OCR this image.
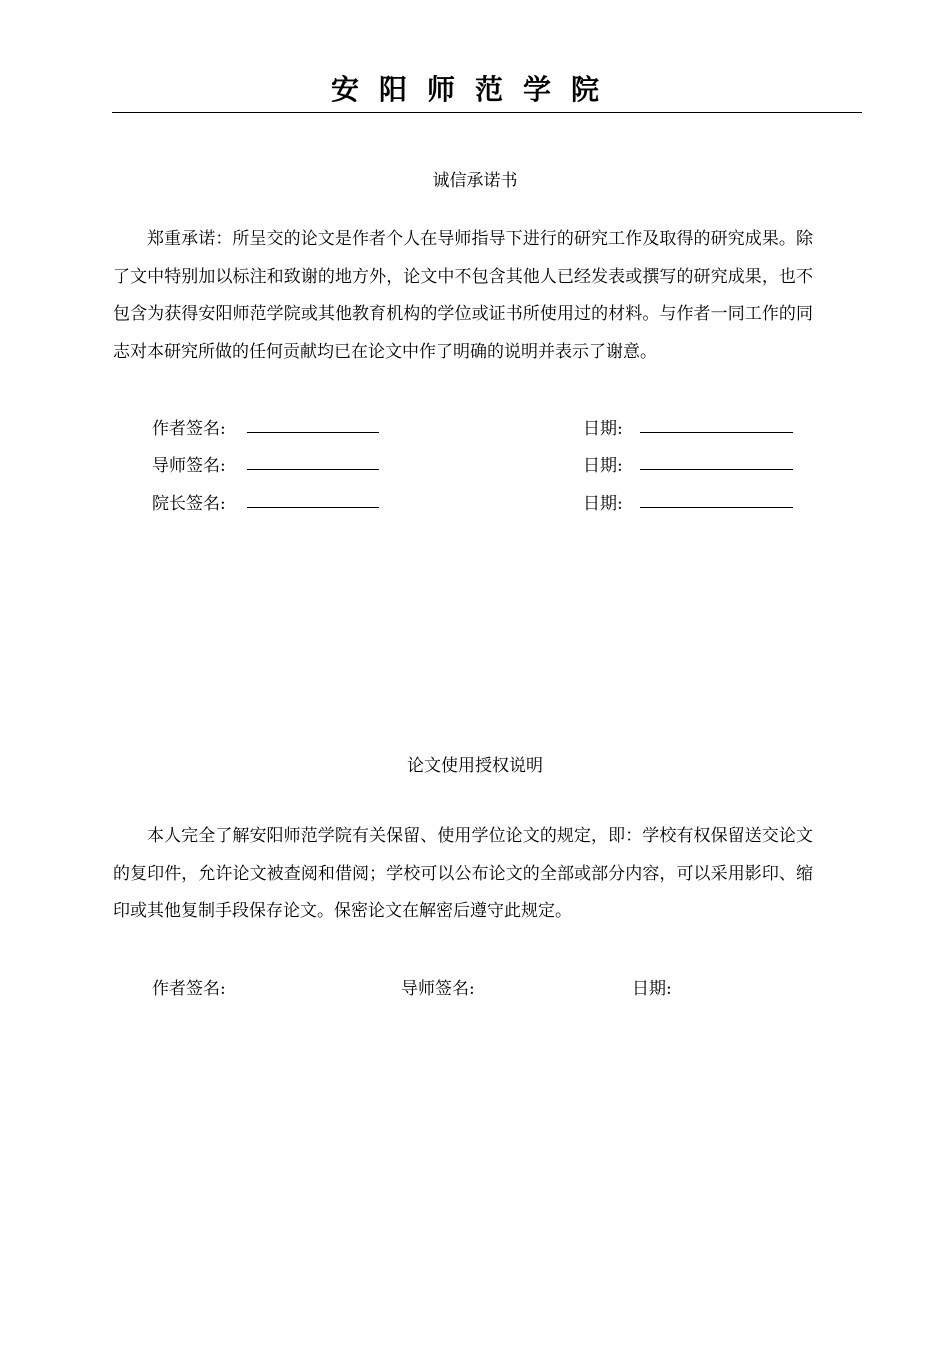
安阳师范学院
诚信承诺书

郑重承诺：所呈交的论文是作者个人在导师指导下进行的研究工作及取得的研究成果。除了文中特别加以标注和致谢的地方外，论文中不包含其他人已经发表或撰写的研究成果，也不包含为获得安阳师范学院或其他教育机构的学位或证书所使用过的材料。与作者一同工作的同志对本研究所做的任何贡献均已在论文中作了明确的说明并表示了谢意。

作者签名:	日期:
导师签名:	日期:
院长签名:	日期:
论文使用授权说明

本人完全了解安阳师范学院有关保留、使用学位论文的规定，即：学校有权保留送交论文的复印件，允许论文被查阅和借阅；学校可以公布论文的全部或部分内容，可以采用影印、缩印或其他复制手段保存论文。保密论文在解密后遵守此规定。

作者签名:	导师签名:	日期:
